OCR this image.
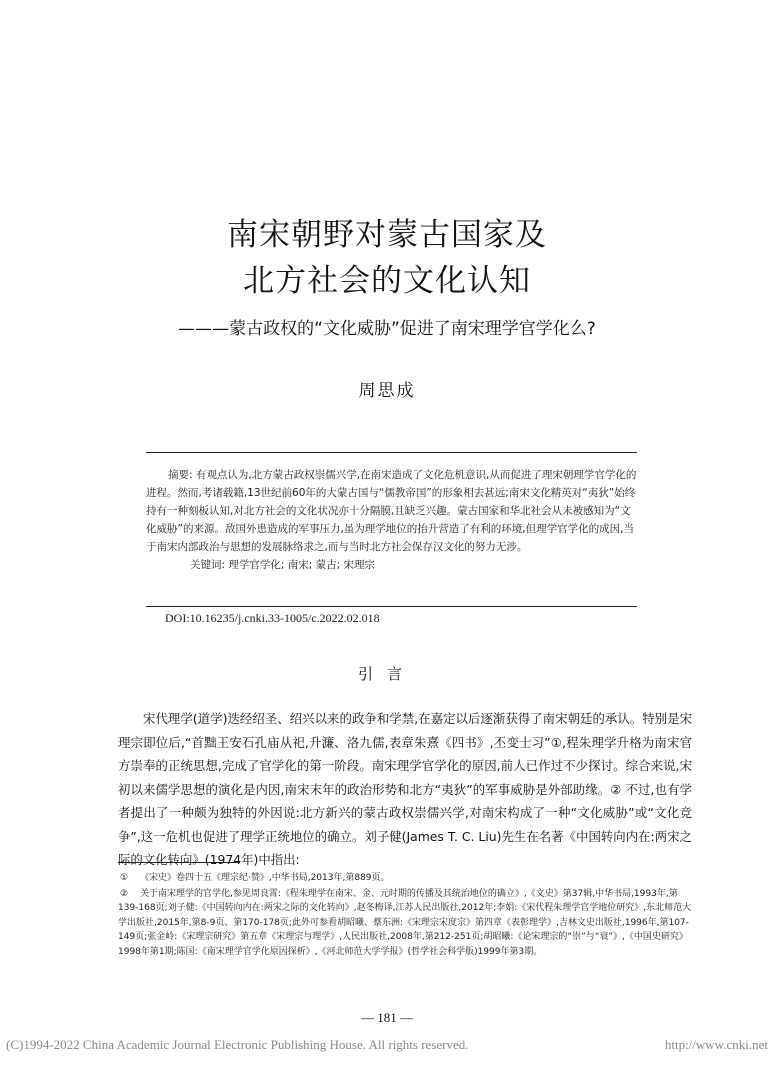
南宋朝野对蒙古国家及
北方社会的文化认知
———蒙古政权的“文化威胁”促进了南宋理学官学化么?
周思成

摘要: 有观点认为,北方蒙古政权崇儒兴学,在南宋造成了文化危机意识,从而促进了理宋朝理学官学化的进程。然而,考诸载籍,13世纪前60年的大蒙古国与“儒教帝国”的形象相去甚远;南宋文化精英对“夷狄”始终持有一种刻板认知,对北方社会的文化状况亦十分隔膜,且缺乏兴趣。蒙古国家和华北社会从未被感知为“文化威胁”的来源。敌国外患造成的军事压力,虽为理学地位的抬升营造了有利的环境,但理学官学化的成因,当于南宋内部政治与思想的发展脉络求之,而与当时北方社会保存汉文化的努力无涉。

关键词: 理学官学化; 南宋; 蒙古; 宋理宗

DOI:10.16235/j.cnki.33-1005/c.2022.02.018
引言

宋代理学(道学)迭经绍圣、绍兴以来的政争和学禁,在嘉定以后逐渐获得了南宋朝廷的承认。特别是宋理宗即位后,“首黜王安石孔庙从祀,升濂、洛九儒,表章朱熹《四书》,丕变士习”①,程朱理学升格为南宋官方崇奉的正统思想,完成了官学化的第一阶段。南宋理学官学化的原因,前人已作过不少探讨。综合来说,宋初以来儒学思想的演化是内因,南宋末年的政治形势和北方“夷狄”的军事威胁是外部助缘。② 不过,也有学者提出了一种颇为独特的外因说:北方新兴的蒙古政权崇儒兴学,对南宋构成了一种“文化威胁”或“文化竞争”,这一危机也促进了理学正统地位的确立。刘子健(James T. C. Liu)先生在名著《中国转向内在:两宋之际的文化转向》(1974年)中指出:

① 《宋史》卷四十五《理宗纪·赞》,中华书局,2013年,第889页。

② 关于南宋理学的官学化,参见周良霄:《程朱理学在南宋、金、元时期的传播及其统治地位的确立》,《文史》第37辑,中华书局,1993年,第139-168页;刘子健:《中国转向内在:两宋之际的文化转向》,赵冬梅译,江苏人民出版社,2012年;李娟:《宋代程朱理学官学地位研究》,东北师范大学出版社,2015年,第8-9页、第170-178页;此外可参看胡昭曦、蔡东洲:《宋理宗宋度宗》第四章《表彰理学》,吉林文史出版社,1996年,第107-149页;张金岭:《宋理宗研究》第五章《宋理宗与理学》,人民出版社,2008年,第212-251页;胡昭曦:《论宋理宗的“崇”与“衰”》,《中国史研究》1998年第1期;陈国:《南宋理学官学化原因探析》,《河北师范大学学报》(哲学社会科学版)1999年第3期。

— 181 —
(C)1994-2022 China Academic Journal Electronic Publishing House. All rights reserved.	http://www.cnki.net
